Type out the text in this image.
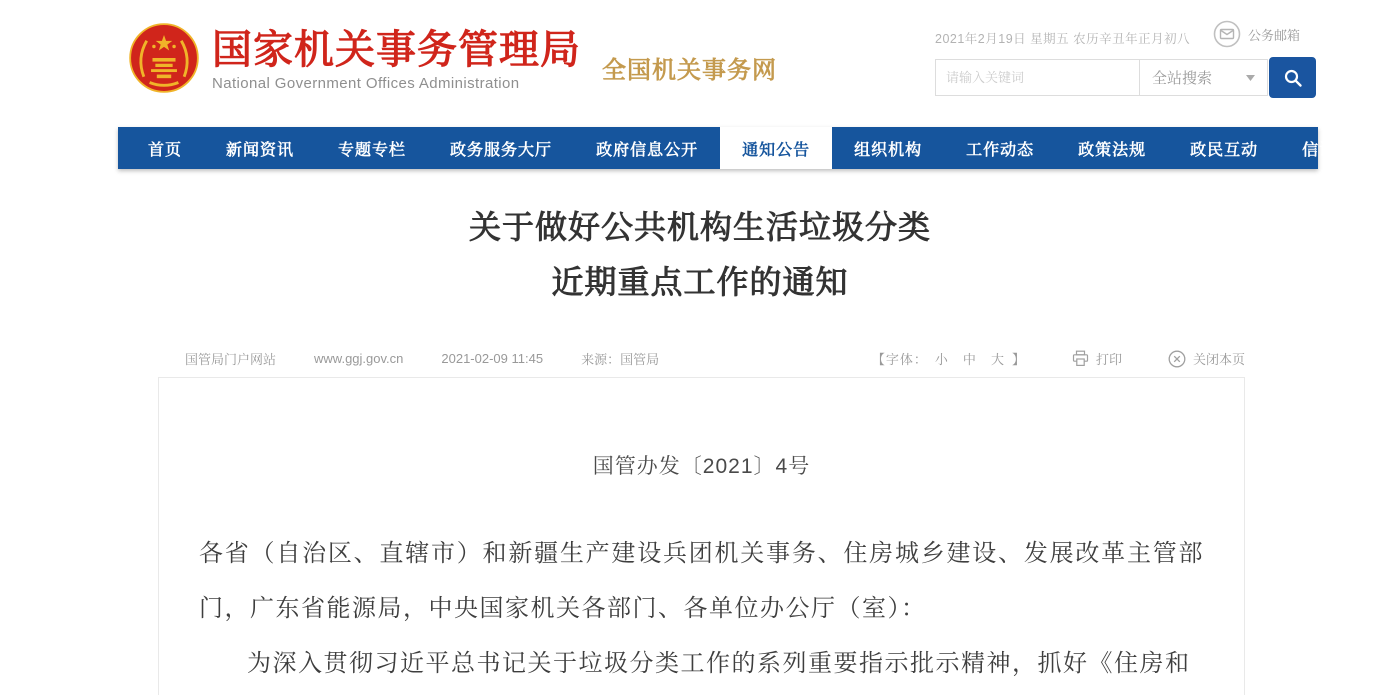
国家机关事务管理局
National Government Offices Administration	全国机关事务网
2021年2月19日 星期五 农历辛丑年正月初八	公务邮箱
请输入关键词
全站搜索
首页	新闻资讯	专题专栏	政务服务大厅	政府信息公开	通知公告	组织机构	工作动态	政策法规	政民互动	信访举报
关于做好公共机构生活垃圾分类
近期重点工作的通知
国管局门户网站	www.ggj.gov.cn	2021-02-09 11:45	来源：国管局	【字体： 小 中 大 】	打印	关闭本页
国管办发〔2021〕4号

各省（自治区、直辖市）和新疆生产建设兵团机关事务、住房城乡建设、发展改革主管部门，广东省能源局，中央国家机关各部门、各单位办公厅（室）：

为深入贯彻习近平总书记关于垃圾分类工作的系列重要指示批示精神，抓好《住房和
